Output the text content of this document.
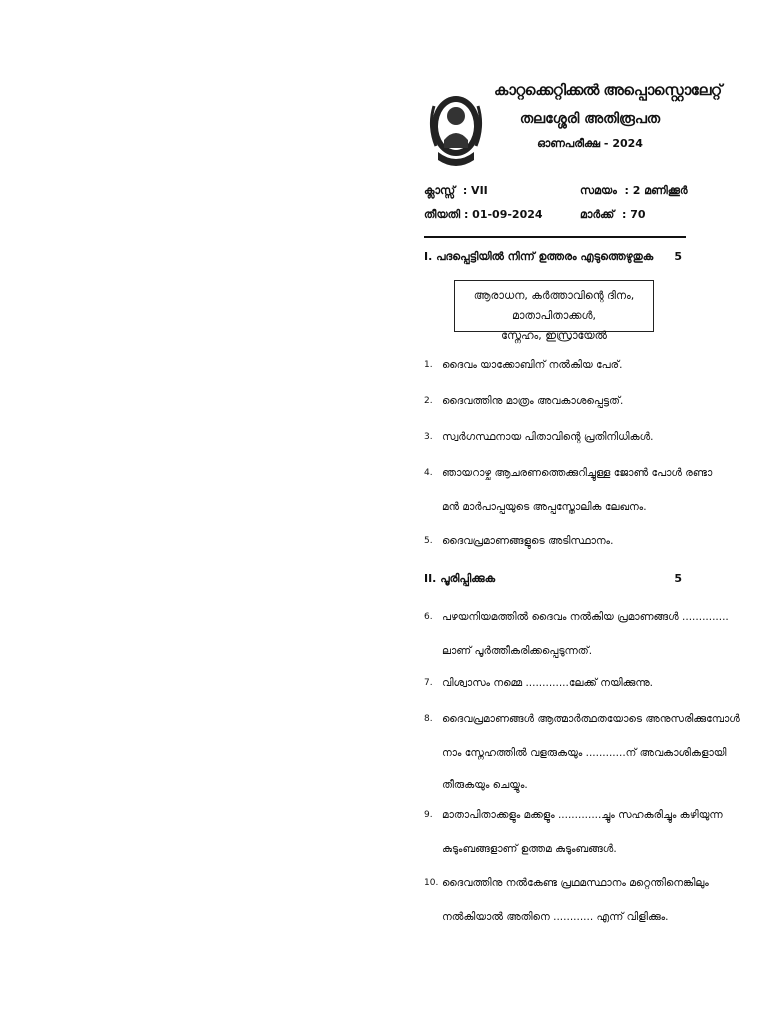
കാറ്റക്കെറ്റിക്കൽ അപ്പൊസ്റ്റൊലേറ്റ്
തലശ്ശേരി അതിരൂപത
ഓണപരീക്ഷ - 2024
ക്ലാസ്സ് : VII	സമയം : 2 മണിക്കൂർ
തീയതി : 01-09-2024	മാർക്ക് : 70
I. പദപ്പെട്ടിയിൽ നിന്ന് ഉത്തരം എടുത്തെഴുതുക 5
ആരാധന, കർത്താവിന്റെ ദിനം, മാതാപിതാക്കൾ,
സ്നേഹം, ഇസ്രായേൽ
1. ദൈവം യാക്കോബിന് നൽകിയ പേര്.
2. ദൈവത്തിനു മാത്രം അവകാശപ്പെട്ടത്.
3. സ്വർഗസ്ഥനായ പിതാവിന്റെ പ്രതിനിധികൾ.
4. ഞായറാഴ്ച ആചരണത്തെക്കുറിച്ചുള്ള ജോൺ പോൾ രണ്ടാ
മൻ മാർപാപ്പയുടെ അപ്പസ്തോലിക ലേഖനം.
5. ദൈവപ്രമാണങ്ങളുടെ അടിസ്ഥാനം.
II. പൂരിപ്പിക്കുക	5
6. പഴയനിയമത്തിൽ ദൈവം നൽകിയ പ്രമാണങ്ങൾ ..............
ലാണ് പൂർത്തീകരിക്കപ്പെടുന്നത്.
7. വിശ്വാസം നമ്മെ .............ലേക്ക് നയിക്കുന്നു.
8. ദൈവപ്രമാണങ്ങൾ ആത്മാർത്ഥതയോടെ അനുസരിക്കുമ്പോൾ
നാം സ്നേഹത്തിൽ വളരുകയും ............ന് അവകാശികളായി
തീരുകയും ചെയ്യും.
9. മാതാപിതാക്കളും മക്കളും .............ച്ചും സഹകരിച്ചും കഴിയുന്ന
കുടുംബങ്ങളാണ് ഉത്തമ കുടുംബങ്ങൾ.
10. ദൈവത്തിനു നൽകേണ്ട പ്രഥമസ്ഥാനം മറ്റെന്തിനെങ്കിലും
നൽകിയാൽ അതിനെ ............ എന്ന് വിളിക്കും.
